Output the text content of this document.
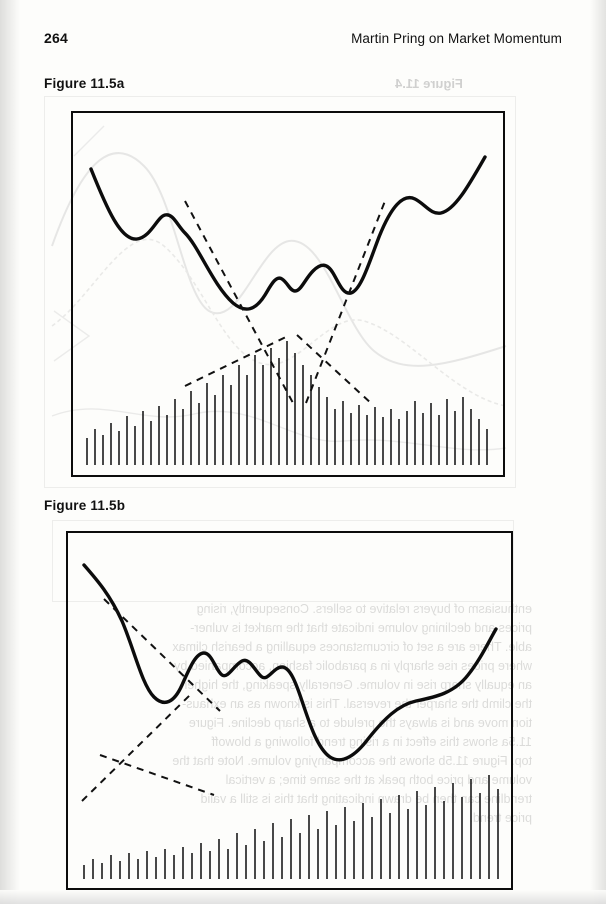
Figure 11.4
enthusiasm of buyers relative to sellers. Consequently, rising
prices and declining volume indicate that the market is vulner-
able. There are a set of circumstances equalling a bearish climax
where prices rise sharply in a parabolic fashion, accompanied by
an equally sharp rise in volume. Generally speaking, the higher
the climb the sharper the reversal. This is known as an exhaus-
tion move and is always the prelude to a sharp decline. Figure
11.5a shows this effect in a rising trend following a blowoff
top. Figure 11.5b shows the accompanying volume. Note that the
volume and price both peak at the same time; a vertical
trendline can then be drawn indicating that this is still a valid
price trend.
264	Martin Pring on Market Momentum
Figure 11.5a
Figure 11.5b
